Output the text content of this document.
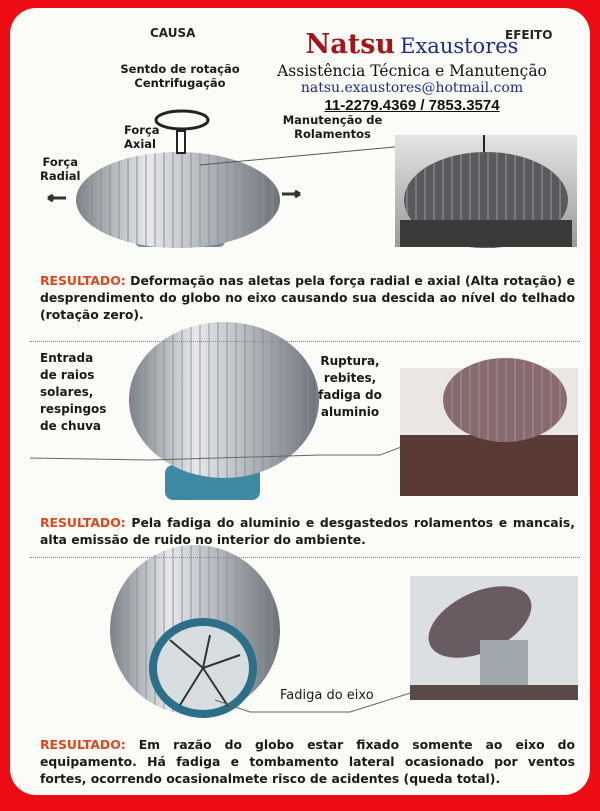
CAUSA	EFEITO
Natsu Exaustores
Assistência Técnica e Manutenção
natsu.exaustores@hotmail.com
11-2279.4369 / 7853.3574
Sentdo de rotação
Centrifugação
Força
Axial
Força
Radial
Manutenção de
Rolamentos
RESULTADO: Deformação nas aletas pela força radial e axial (Alta rotação) e desprendimento do globo no eixo causando sua descida ao nível do telhado (rotação zero).
Entrada
de raios
solares,
respingos
de chuva
Ruptura,
rebites,
fadiga do
aluminio
RESULTADO: Pela fadiga do aluminio e desgastedos rolamentos e mancais, alta emissão de ruido no interior do ambiente.
Fadiga do eixo
RESULTADO: Em razão do globo estar fixado somente ao eixo do equipamento. Há fadiga e tombamento lateral ocasionado por ventos fortes, ocorrendo ocasionalmete risco de acidentes (queda total).
